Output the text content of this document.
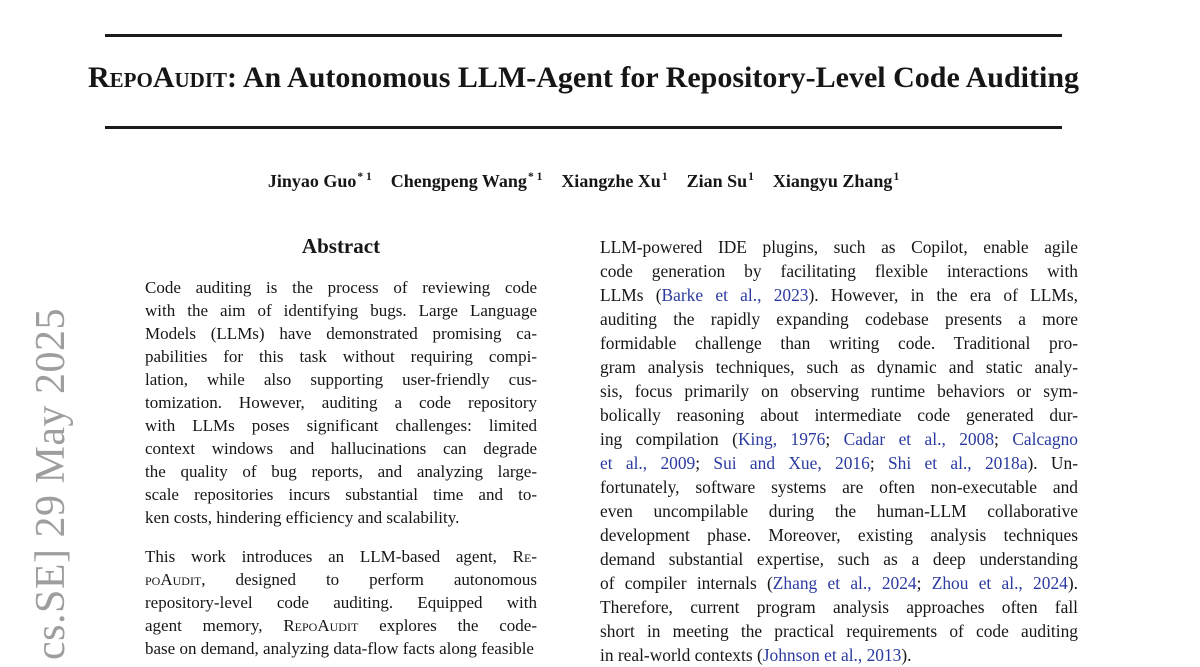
cs.SE] 29 May 2025
RepoAudit : An Autonomous LLM-Agent for Repository-Level Code Auditing
Jinyao Guo$^{* 1}$ Chengpeng Wang$^{* 1}$ Xiangzhe Xu$^1$ Zian Su$^1$ Xiangyu Zhang$^1$
Abstract
Code auditing is the process of reviewing code
with the aim of identifying bugs. Large Language
Models (LLMs) have demonstrated promising ca-
pabilities for this task without requiring compi-
lation, while also supporting user-friendly cus-
tomization. However, auditing a code repository
with LLMs poses significant challenges: limited
context windows and hallucinations can degrade
the quality of bug reports, and analyzing large-
scale repositories incurs substantial time and to-
ken costs, hindering efficiency and scalability.
This work introduces an LLM-based agent, Re-
poAudit, designed to perform autonomous
repository-level code auditing. Equipped with
agent memory, RepoAudit explores the code-
base on demand, analyzing data-flow facts along feasible
LLM-powered IDE plugins, such as Copilot, enable agile
code generation by facilitating flexible interactions with
LLMs (Barke et al., 2023). However, in the era of LLMs,
auditing the rapidly expanding codebase presents a more
formidable challenge than writing code. Traditional pro-
gram analysis techniques, such as dynamic and static analy-
sis, focus primarily on observing runtime behaviors or sym-
bolically reasoning about intermediate code generated dur-
ing compilation (King, 1976; Cadar et al., 2008; Calcagno
et al., 2009; Sui and Xue, 2016; Shi et al., 2018a). Un-
fortunately, software systems are often non-executable and
even uncompilable during the human-LLM collaborative
development phase. Moreover, existing analysis techniques
demand substantial expertise, such as a deep understanding
of compiler internals (Zhang et al., 2024; Zhou et al., 2024).
Therefore, current program analysis approaches often fall
short in meeting the practical requirements of code auditing
in real-world contexts (Johnson et al., 2013).
